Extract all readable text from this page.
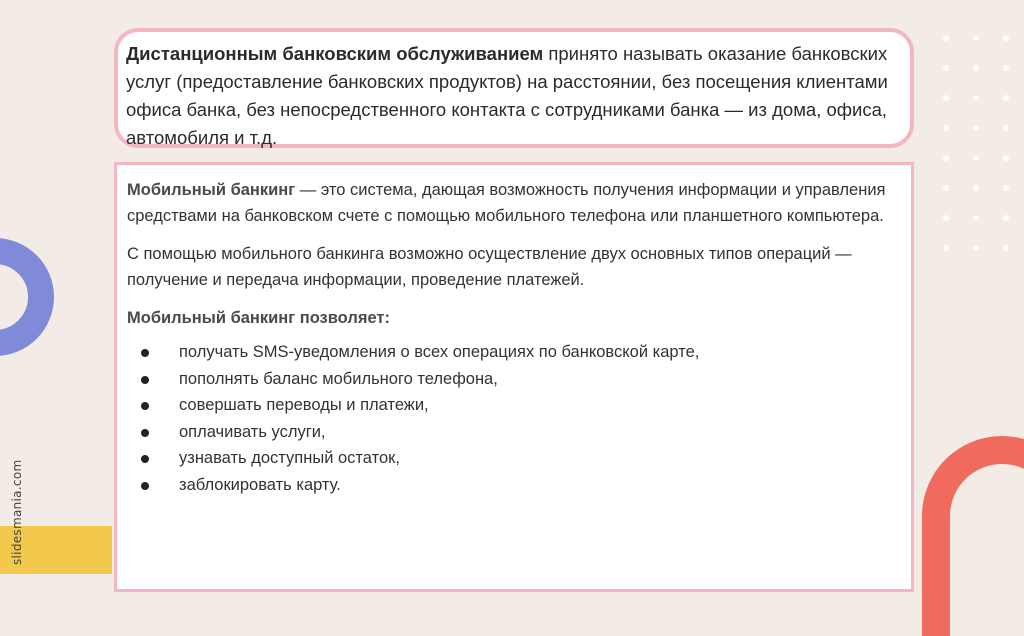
slidesmania.com
Дистанционным банковским обслуживанием принято называть оказание банковских услуг (предоставление банковских продуктов) на расстоянии, без посещения клиентами офиса банка, без непосредственного контакта с сотрудниками банка — из дома, офиса, автомобиля и т.д.

Мобильный банкинг — это система, дающая возможность получения информации и управления средствами на банковском счете с помощью мобильного телефона или планшетного компьютера.

С помощью мобильного банкинга возможно осуществление двух основных типов операций — получение и передача информации, проведение платежей.

Мобильный банкинг позволяет:

получать SMS-уведомления о всех операциях по банковской карте,
пополнять баланс мобильного телефона,
совершать переводы и платежи,
оплачивать услуги,
узнавать доступный остаток,
заблокировать карту.
